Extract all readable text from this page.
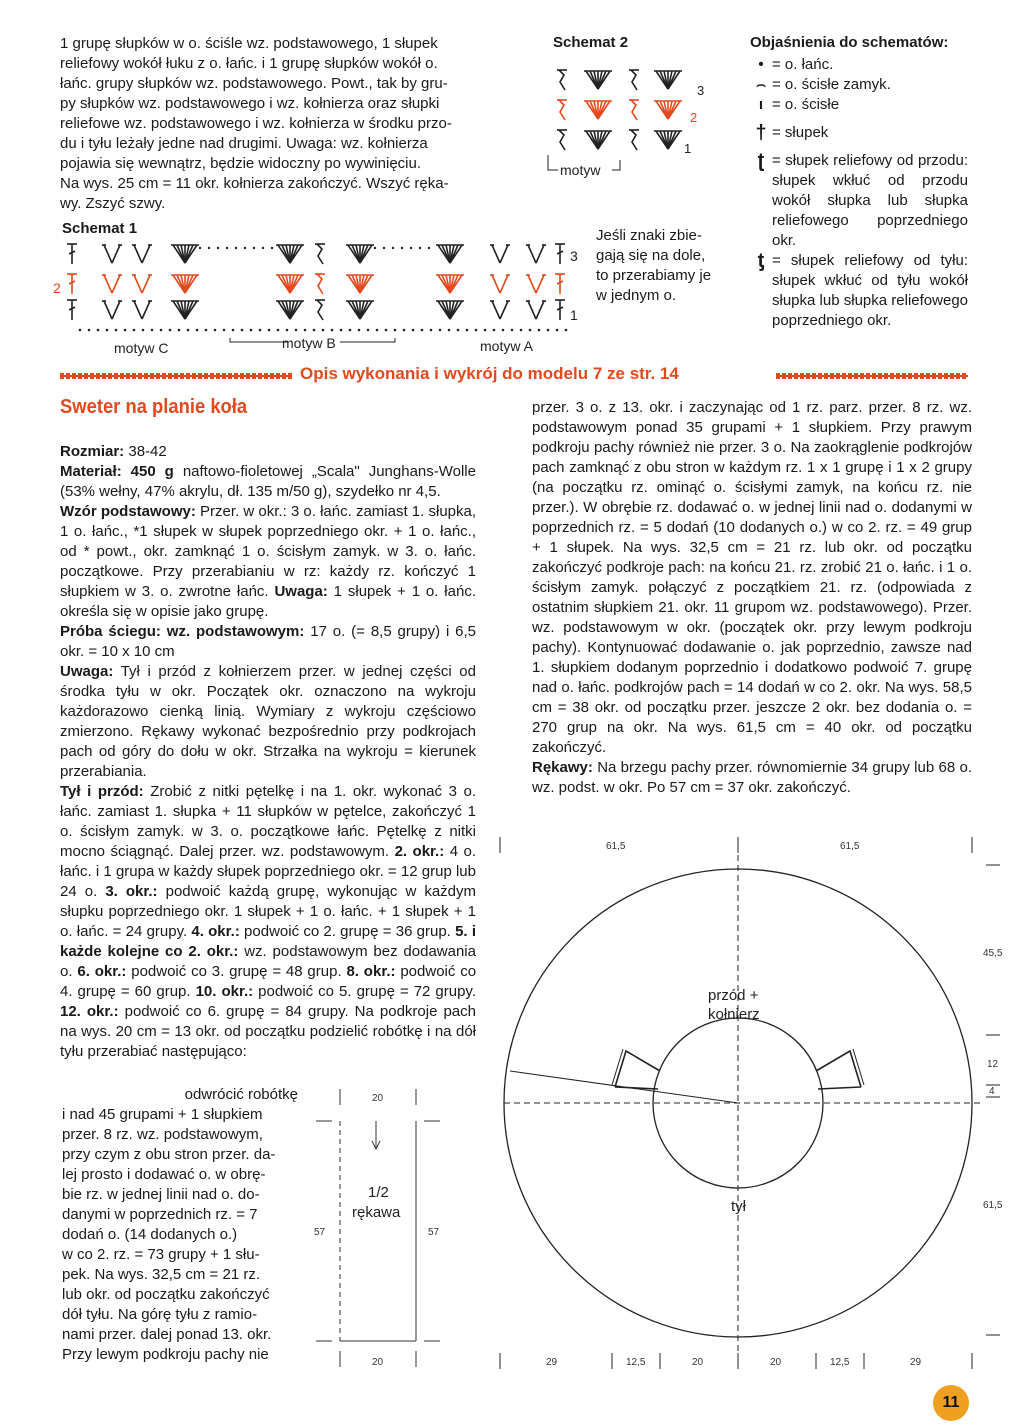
1 grupę słupków w o. ściśle wz. podstawowego, 1 słupek

reliefowy wokół łuku z o. łańc. i 1 grupę słupków wokół o.

łańc. grupy słupków wz. podstawowego. Powt., tak by gru-

py słupków wz. podstawowego i wz. kołnierza oraz słupki

reliefowe wz. podstawowego i wz. kołnierza w środku przo-

du i tyłu leżały jedne nad drugimi. Uwaga: wz. kołnierza

pojawia się wewnątrz, będzie widoczny po wywinięciu.

Na wys. 25 cm = 11 okr. kołnierza zakończyć. Wszyć ręka-

wy. Zszyć szwy.

Schemat 1
3
2
1
motyw C	motyw B	motyw A
Schemat 2
3
2
1
motyw

Jeśli znaki zbie-

gają się na dole,

to przerabiamy je

w jednym o.

Objaśnienia do schematów:
• = o. łańc.
⌢ = o. ścisłe zamyk.
ı = o. ścisłe
† = słupek
ʈ = słupek reliefowy od przodu: słupek wkłuć od przodu wokół słupka lub słupka reliefowego poprzedniego okr.
ƫ = słupek reliefowy od tyłu: słupek wkłuć od tyłu wokół słupka lub słupka reliefowego poprzedniego okr.
Opis wykonania i wykrój do modelu 7 ze str. 14
Sweter na planie koła

Rozmiar: 38-42

Materiał: 450 g naftowo-fioletowej „Scala" Junghans-Wolle (53% wełny, 47% akrylu, dł. 135 m/50 g), szydełko nr 4,5.

Wzór podstawowy: Przer. w okr.: 3 o. łańc. zamiast 1. słupka, 1 o. łańc., *1 słupek w słupek poprzedniego okr. + 1 o. łańc., od * powt., okr. zamknąć 1 o. ścisłym zamyk. w 3. o. łańc. początkowe. Przy przerabianiu w rz: każdy rz. kończyć 1 słupkiem w 3. o. zwrotne łańc. Uwaga: 1 słupek + 1 o. łańc. określa się w opisie jako grupę.

Próba ściegu: wz. podstawowym: 17 o. (= 8,5 grupy) i 6,5 okr. = 10 x 10 cm

Uwaga: Tył i przód z kołnierzem przer. w jednej części od środka tyłu w okr. Początek okr. oznaczono na wykroju każdorazowo cienką linią. Wymiary z wykroju częściowo zmierzono. Rękawy wykonać bezpośrednio przy podkrojach pach od góry do dołu w okr. Strzałka na wykroju = kierunek przerabiania.

Tył i przód: Zrobić z nitki pętelkę i na 1. okr. wykonać 3 o. łańc. zamiast 1. słupka + 11 słupków w pętelce, zakończyć 1 o. ścisłym zamyk. w 3. o. początkowe łańc. Pętelkę z nitki mocno ściągnąć. Dalej przer. wz. podstawowym. 2. okr.: 4 o. łańc. i 1 grupa w każdy słupek poprzedniego okr. = 12 grup lub 24 o. 3. okr.: podwoić każdą grupę, wykonując w każdym słupku poprzedniego okr. 1 słupek + 1 o. łańc. + 1 słupek + 1 o. łańc. = 24 grupy. 4. okr.: podwoić co 2. grupę = 36 grup. 5. i każde kolejne co 2. okr.: wz. podstawowym bez dodawania o. 6. okr.: podwoić co 3. grupę = 48 grup. 8. okr.: podwoić co 4. grupę = 60 grup. 10. okr.: podwoić co 5. grupę = 72 grupy. 12. okr.: podwoić co 6. grupę = 84 grupy. Na podkroje pach na wys. 20 cm = 13 okr. od początku podzielić robótkę i na dół tyłu przerabiać następująco:

odwrócić robótkę

i nad 45 grupami + 1 słupkiem

przer. 8 rz. wz. podstawowym,

przy czym z obu stron przer. da-

lej prosto i dodawać o. w obrę-

bie rz. w jednej linii nad o. do-

danymi w poprzednich rz. = 7

dodań o. (14 dodanych o.)

w co 2. rz. = 73 grupy + 1 słu-

pek. Na wys. 32,5 cm = 21 rz.

lub okr. od początku zakończyć

dół tyłu. Na górę tyłu z ramio-

nami przer. dalej ponad 13. okr.

Przy lewym podkroju pachy nie

przer. 3 o. z 13. okr. i zaczynając od 1 rz. parz. przer. 8 rz. wz. podstawowym ponad 35 grupami + 1 słupkiem. Przy prawym podkroju pachy również nie przer. 3 o. Na zaokrąglenie podkrojów pach zamknąć z obu stron w każdym rz. 1 x 1 grupę i 1 x 2 grupy (na początku rz. ominąć o. ścisłymi zamyk, na końcu rz. nie przer.). W obrębie rz. dodawać o. w jednej linii nad o. dodanymi w poprzednich rz. = 5 dodań (10 dodanych o.) w co 2. rz. = 49 grup + 1 słupek. Na wys. 32,5 cm = 21 rz. lub okr. od początku zakończyć podkroje pach: na końcu 21. rz. zrobić 21 o. łańc. i 1 o. ścisłym zamyk. połączyć z początkiem 21. rz. (odpowiada z ostatnim słupkiem 21. okr. 11 grupom wz. podstawowego). Przer. wz. podstawowym w okr. (początek okr. przy lewym podkroju pachy). Kontynuować dodawanie o. jak poprzednio, zawsze nad 1. słupkiem dodanym poprzednio i dodatkowo podwoić 7. grupę nad o. łańc. podkrojów pach = 14 dodań w co 2. okr. Na wys. 58,5 cm = 38 okr. od początku przer. jeszcze 2 okr. bez dodania o. = 270 grup na okr. Na wys. 61,5 cm = 40 okr. od początku zakończyć.

Rękawy: Na brzegu pachy przer. równomiernie 34 grupy lub 68 o. wz. podst. w okr. Po 57 cm = 37 okr. zakończyć.

20
20
57	57
1/2
rękawa
61,5	61,5
45,5
12
4
61,5
29	12,5	20	20	12,5	29
przód +
kołnierz
tył
11
